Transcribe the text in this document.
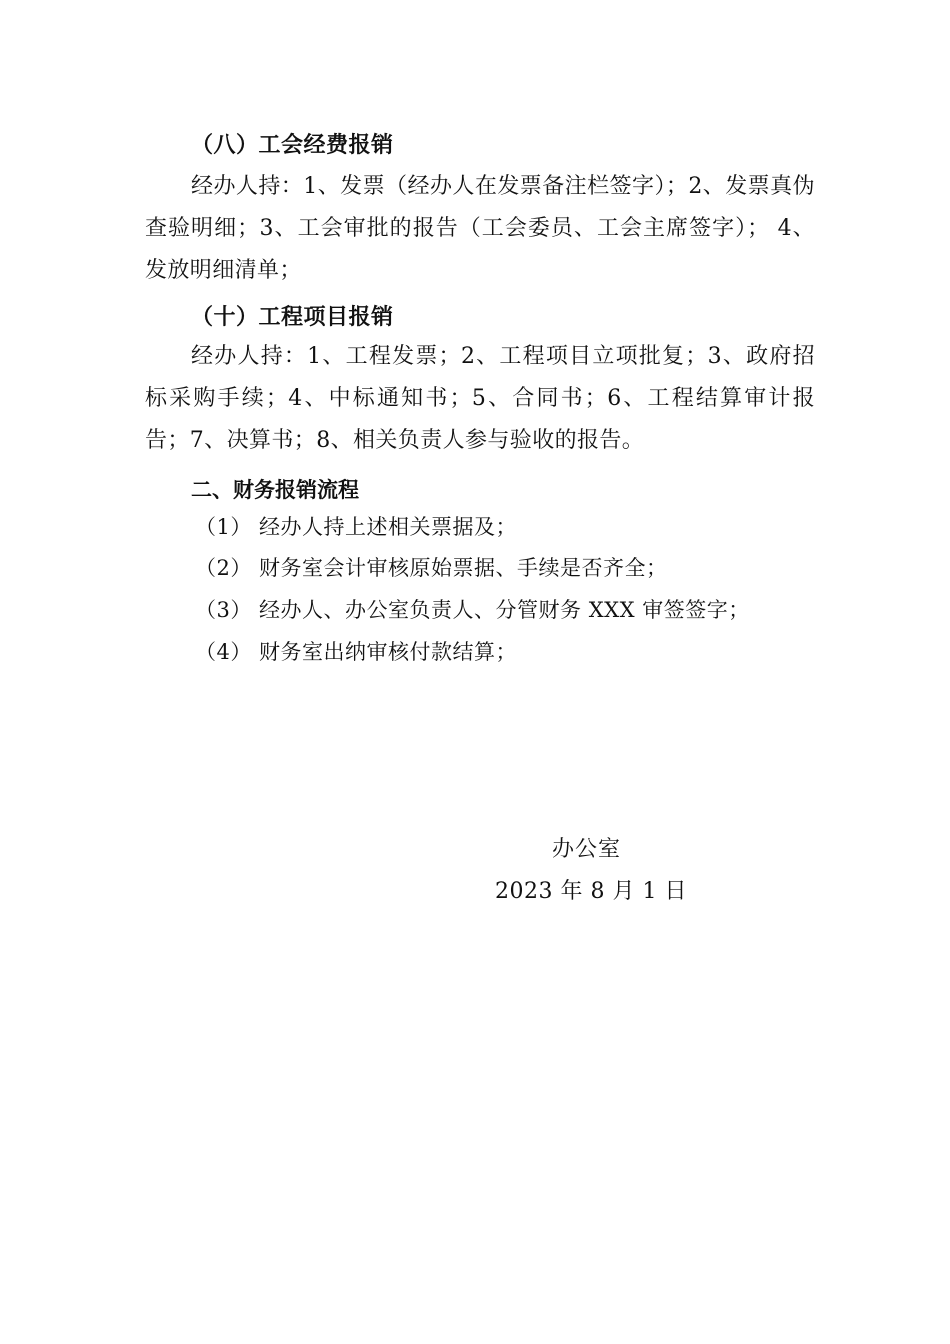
（八）工会经费报销
经办人持：1、发票（经办人在发票备注栏签字）；2、发票真伪查验明细；3、工会审批的报告（工会委员、工会主席签字）； 4、发放明细清单；
（十）工程项目报销
经办人持：1、工程发票；2、工程项目立项批复；3、政府招标采购手续；4、中标通知书；5、合同书；6、工程结算审计报告；7、决算书；8、相关负责人参与验收的报告。
二、财务报销流程
（1） 经办人持上述相关票据及；
（2） 财务室会计审核原始票据、手续是否齐全；
（3） 经办人、办公室负责人、分管财务 XXX 审签签字；
（4） 财务室出纳审核付款结算；
办公室
2023 年 8 月 1 日
